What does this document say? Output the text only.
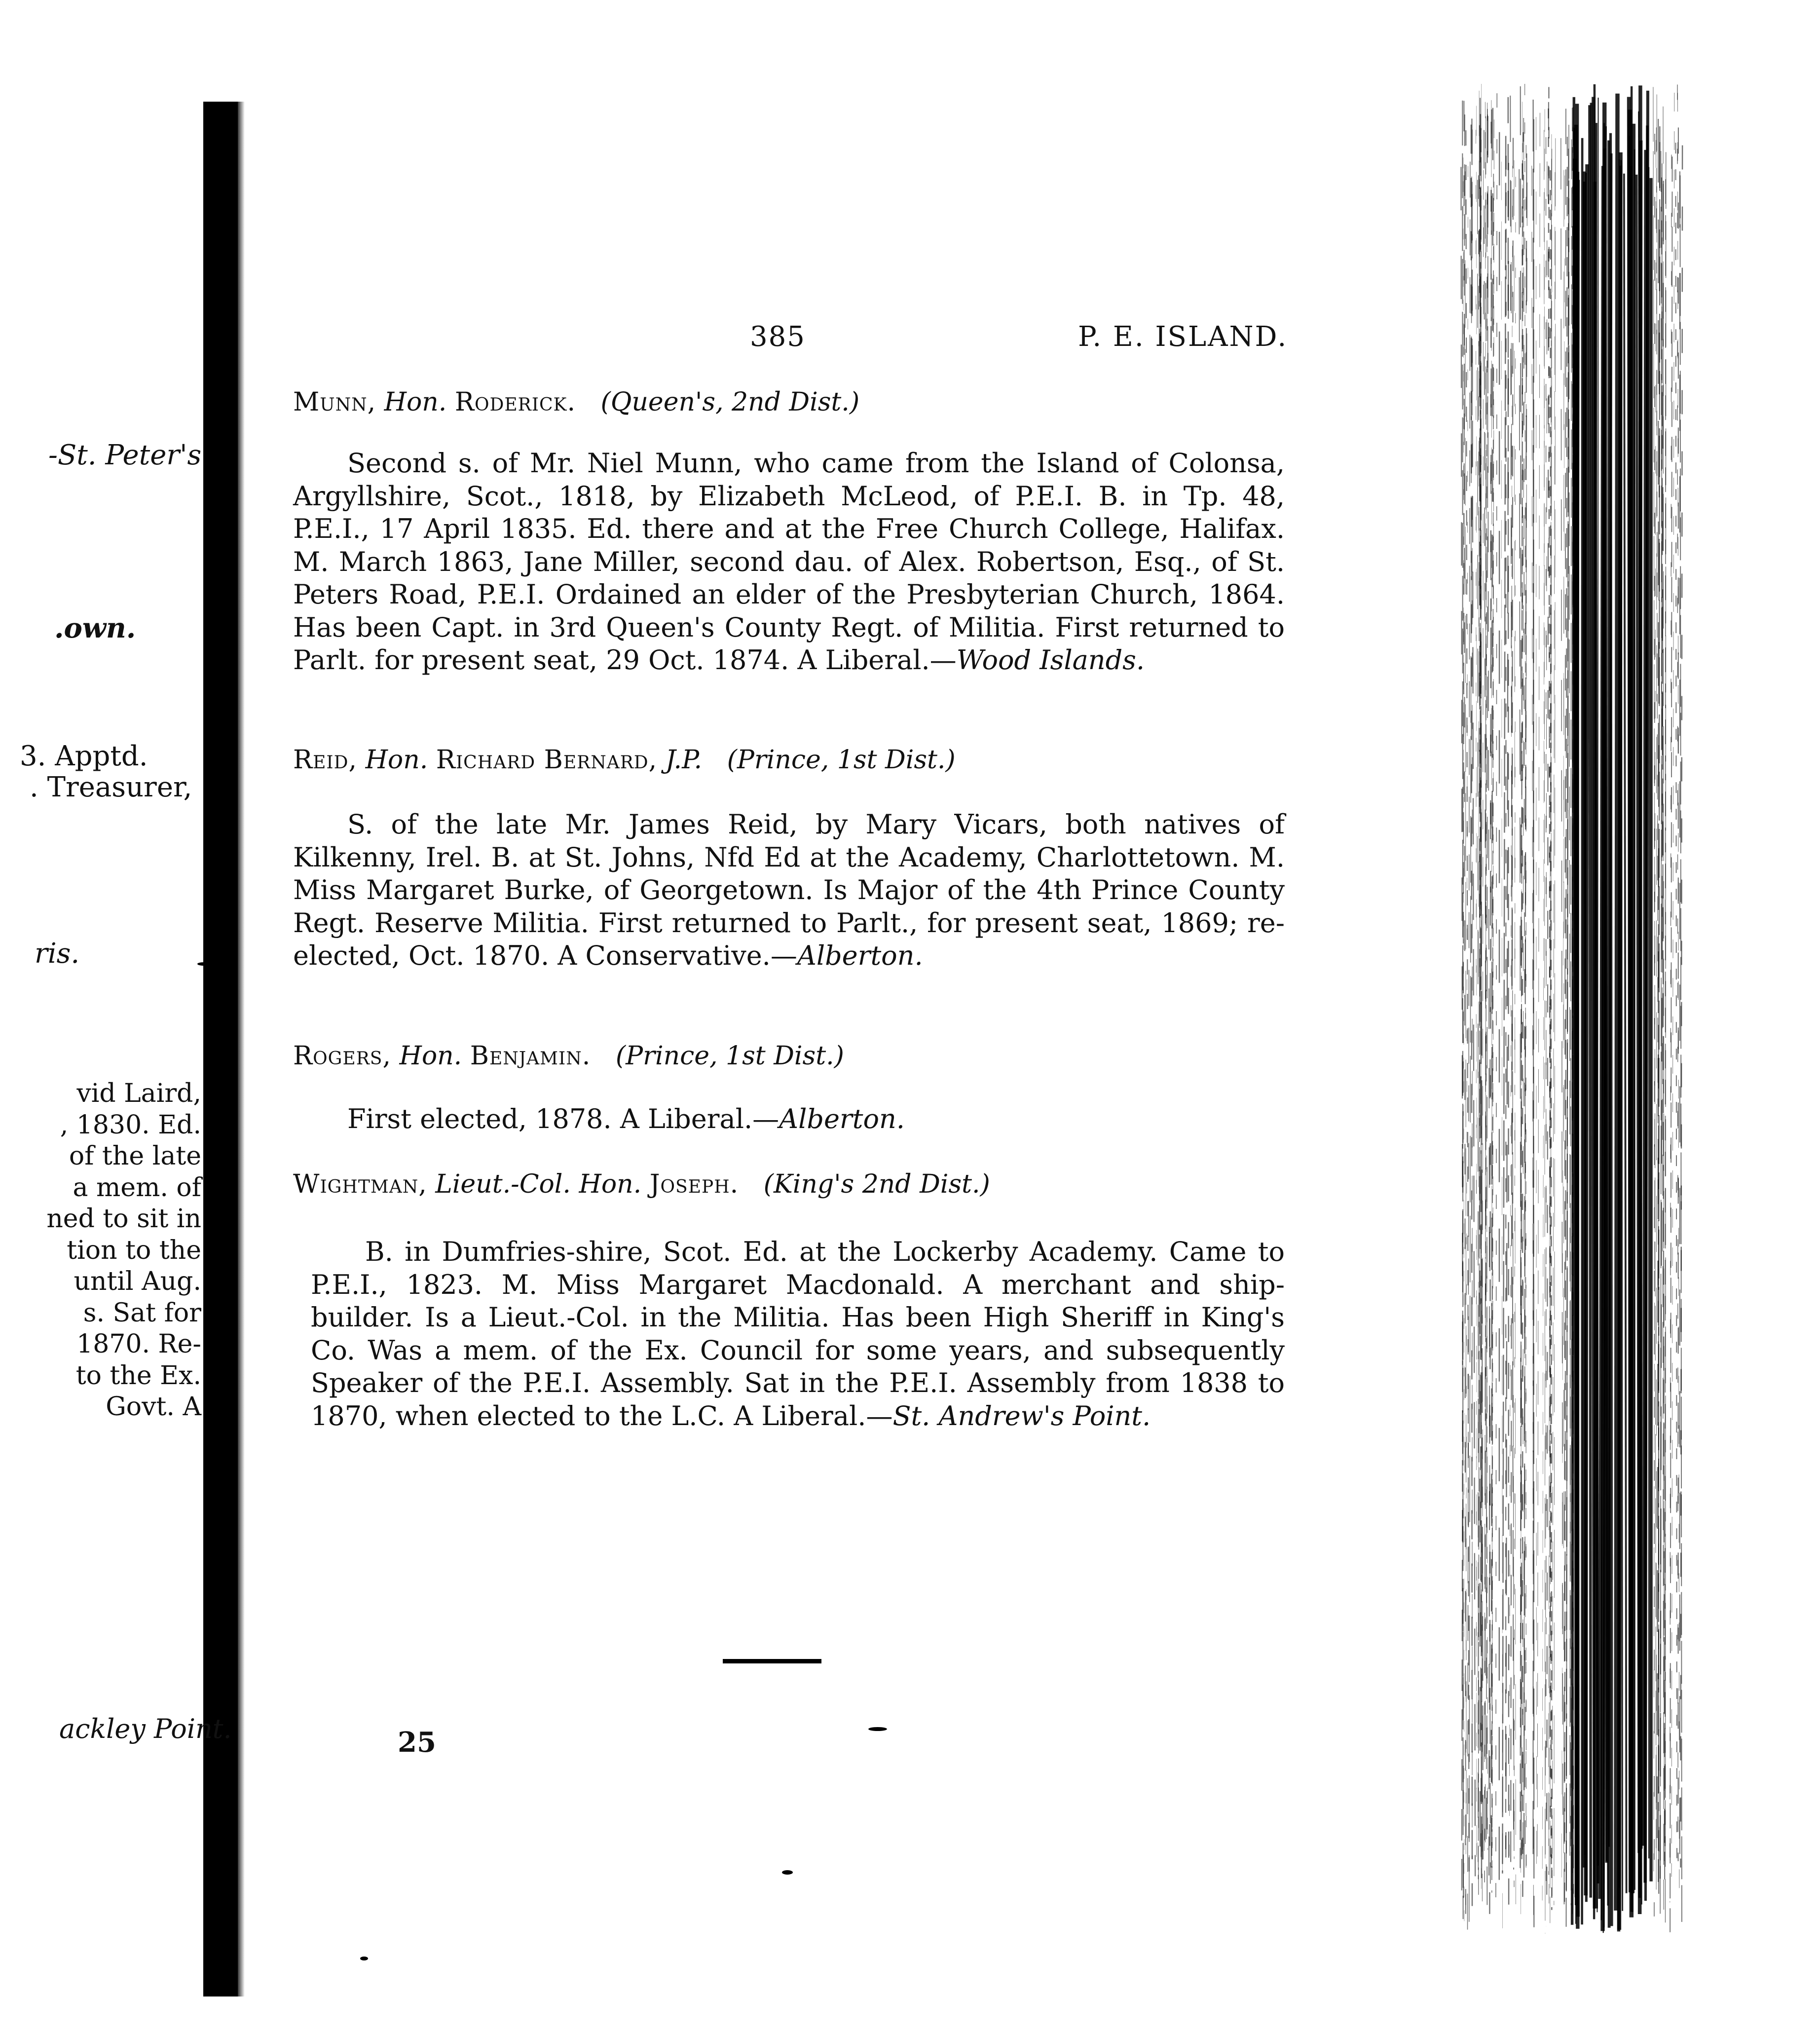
-St. Peter's
.own.
3. Apptd.
. Treasurer,
ris.
vid Laird,
, 1830. Ed.
of the late
a mem. of
ned to sit in
tion to the
until Aug.
s. Sat for
1870. Re-
to the Ex.
Govt. A
ackley Point.
385	P. E. ISLAND.
Munn, Hon. Roderick. (Queen's, 2nd Dist.)
Second s. of Mr. Niel Munn, who came from the Island of Colonsa, Argyllshire, Scot., 1818, by Elizabeth McLeod, of P.E.I. B. in Tp. 48, P.E.I., 17 April 1835. Ed. there and at the Free Church College, Halifax. M. March 1863, Jane Miller, second dau. of Alex. Robertson, Esq., of St. Peters Road, P.E.I. Ordained an elder of the Presbyterian Church, 1864. Has been Capt. in 3rd Queen's County Regt. of Militia. First returned to Parlt. for present seat, 29 Oct. 1874. A Liberal.—Wood Islands.
Reid, Hon. Richard Bernard, J.P. (Prince, 1st Dist.)
S. of the late Mr. James Reid, by Mary Vicars, both natives of Kilkenny, Irel. B. at St. Johns, Nfd Ed at the Academy, Charlottetown. M. Miss Margaret Burke, of Georgetown. Is Major of the 4th Prince County Regt. Reserve Militia. First returned to Parlt., for present seat, 1869; re-elected, Oct. 1870. A Conservative.—Alberton.
Rogers, Hon. Benjamin. (Prince, 1st Dist.)
First elected, 1878. A Liberal.—Alberton.
Wightman, Lieut.-Col. Hon. Joseph. (King's 2nd Dist.)
B. in Dumfries-shire, Scot. Ed. at the Lockerby Academy. Came to P.E.I., 1823. M. Miss Margaret Macdonald. A merchant and ship-builder. Is a Lieut.-Col. in the Militia. Has been High Sheriff in King's Co. Was a mem. of the Ex. Council for some years, and subsequently Speaker of the P.E.I. Assembly. Sat in the P.E.I. Assembly from 1838 to 1870, when elected to the L.C. A Liberal.—St. Andrew's Point.
25
